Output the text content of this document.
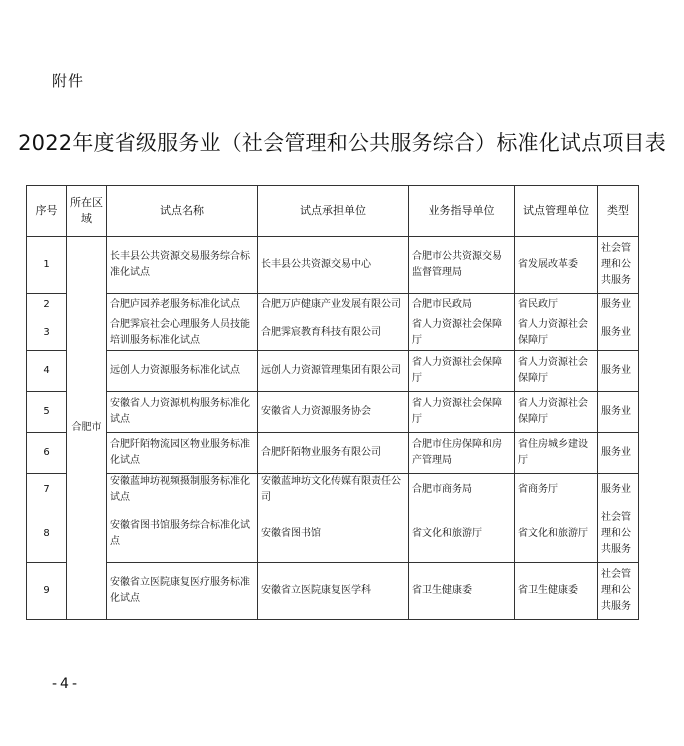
附件
2022年度省级服务业（社会管理和公共服务综合）标准化试点项目表
序号	所在区域	试点名称	试点承担单位	业务指导单位	试点管理单位	类型
1	合肥市	长丰县公共资源交易服务综合标准化试点	长丰县公共资源交易中心	合肥市公共资源交易监督管理局	省发展改革委	社会管理和公共服务
2		合肥庐园养老服务标准化试点	合肥万庐健康产业发展有限公司	合肥市民政局	省民政厅	服务业
3		合肥霁宸社会心理服务人员技能培训服务标准化试点	合肥霁宸教育科技有限公司	省人力资源社会保障厅	省人力资源社会保障厅	服务业
4		远创人力资源服务标准化试点	远创人力资源管理集团有限公司	省人力资源社会保障厅	省人力资源社会保障厅	服务业
5		安徽省人力资源机构服务标准化试点	安徽省人力资源服务协会	省人力资源社会保障厅	省人力资源社会保障厅	服务业
6		合肥阡陌物流园区物业服务标准化试点	合肥阡陌物业服务有限公司	合肥市住房保障和房产管理局	省住房城乡建设厅	服务业
7		安徽蓝坤坊视频摄制服务标准化试点	安徽蓝坤坊文化传媒有限责任公司	合肥市商务局	省商务厅	服务业
8		安徽省图书馆服务综合标准化试点	安徽省图书馆	省文化和旅游厅	省文化和旅游厅	社会管理和公共服务
9		安徽省立医院康复医疗服务标准化试点	安徽省立医院康复医学科	省卫生健康委	省卫生健康委	社会管理和公共服务
-4-
